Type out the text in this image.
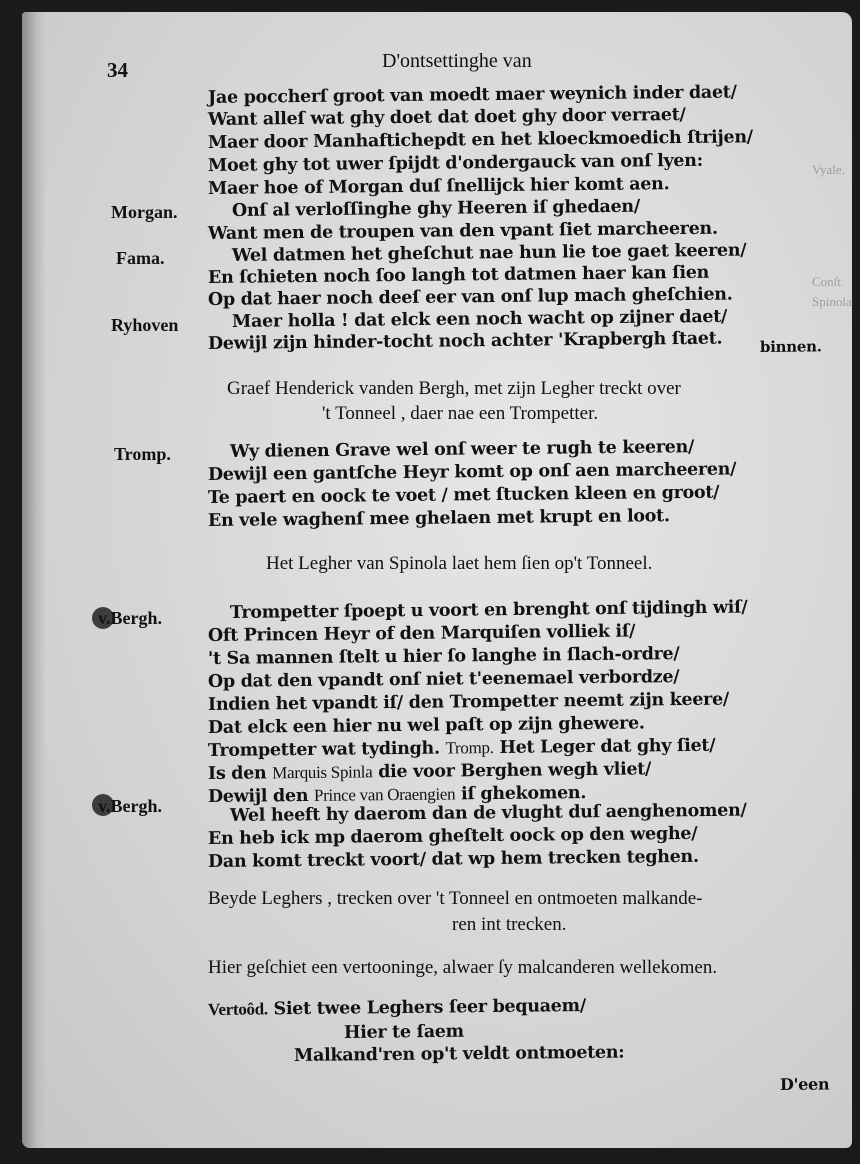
Vyale.
Conſt.
Spinola
34	D'ontsettinghe van
Jae poccherſ groot van moedt maer weynich inder daet/
Want alleſ wat ghy doet dat doet ghy door verraet/
Maer door Manhaftichepdt en het kloeckmoedich ſtrijen/
Moet ghy tot uwer ſpijdt d'ondergauck van onſ lyen:
Maer hoe of Morgan duſ ſnellijck hier komt aen.
Morgan.	Onſ al verloſſinghe ghy Heeren iſ ghedaen/
Want men de troupen van den vpant ſiet marcheeren.
Fama.	Wel datmen het gheſchut nae hun lie toe gaet keeren/
En ſchieten noch ſoo langh tot datmen haer kan ſien
Op dat haer noch deeſ eer van onſ lup mach gheſchien.
Ryhoven	Maer holla ! dat elck een noch wacht op zijner daet/
Dewijl zijn hinder-tocht noch achter 'Krapbergh ſtaet.	binnen.
Graef Henderick vanden Bergh, met zijn Legher treckt over
't Tonneel , daer nae een Trompetter.
Tromp.	Wy dienen Grave wel onſ weer te rugh te keeren/
Dewijl een gantſche Heyr komt op onſ aen marcheeren/
Te paert en oock te voet / met ſtucken kleen en groot/
En vele waghenſ mee ghelaen met krupt en loot.
Het Legher van Spinola laet hem ſien op't Tonneel.
v.Bergh.	Trompetter ſpoept u voort en brenght onſ tijdingh wiſ/
Oft Princen Heyr of den Marquiſen volliek iſ/
't Sa mannen ſtelt u hier ſo langhe in ſlach-ordre/
Op dat den vpandt onſ niet t'eenemael verbordze/
Indien het vpandt iſ/ den Trompetter neemt zijn keere/
Dat elck een hier nu wel paſt op zijn ghewere.
Trompetter wat tydingh. Tromp. Het Leger dat ghy ſiet/
Is den Marquis Spinla die voor Berghen wegh vliet/
Dewijl den Prince van Oraengien iſ ghekomen.
v.Bergh.	Wel heeft hy daerom dan de vlught duſ aenghenomen/
En heb ick mp daerom gheſtelt oock op den weghe/
Dan komt treckt voort/ dat wp hem trecken teghen.
Beyde Leghers , trecken over 't Tonneel en ontmoeten malkande-
ren int trecken.
Hier geſchiet een vertooninge, alwaer ſy malcanderen wellekomen.
Vertoôd. Siet twee Leghers ſeer bequaem/
Hier te ſaem
Malkand'ren op't veldt ontmoeten:
D'een
